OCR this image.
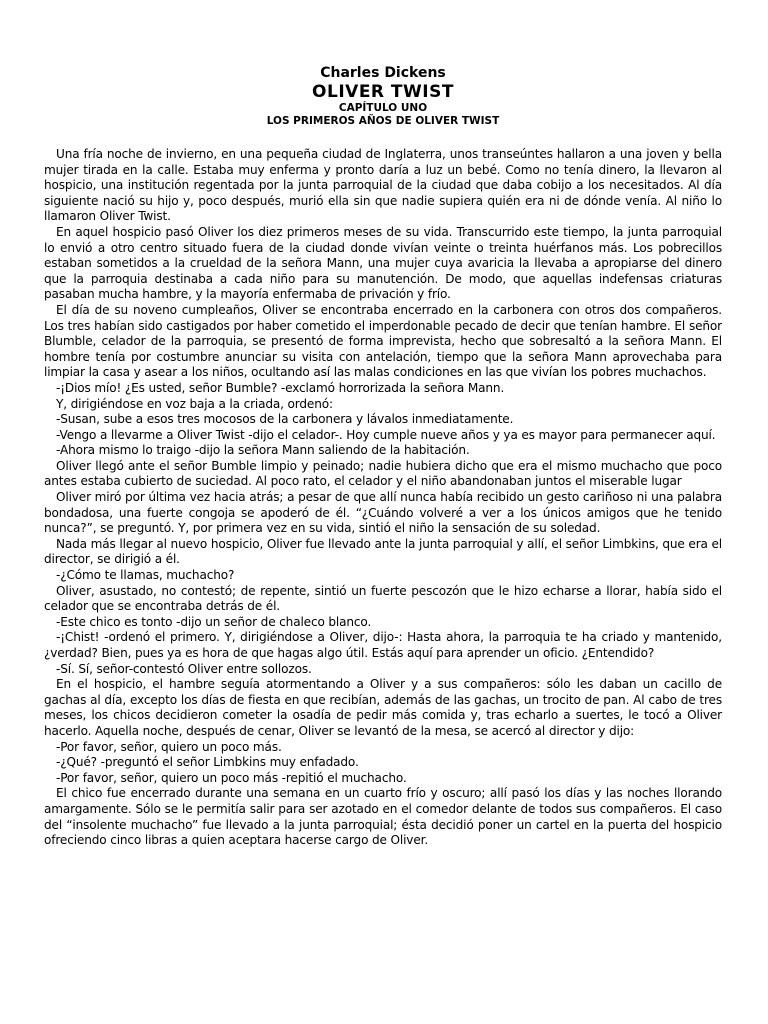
Charles Dickens
OLIVER TWIST
CAPÍTULO UNO
LOS PRIMEROS AÑOS DE OLIVER TWIST

Una fría noche de invierno, en una pequeña ciudad de Inglaterra, unos transeúntes hallaron a una joven y bella mujer tirada en la calle. Estaba muy enferma y pronto daría a luz un bebé. Como no tenía dinero, la llevaron al hospicio, una institución regentada por la junta parroquial de la ciudad que daba cobijo a los necesitados. Al día siguiente nació su hijo y, poco después, murió ella sin que nadie supiera quién era ni de dónde venía. Al niño lo llamaron Oliver Twist.

En aquel hospicio pasó Oliver los diez primeros meses de su vida. Transcurrido este tiempo, la junta parroquial lo envió a otro centro situado fuera de la ciudad donde vivían veinte o treinta huérfanos más. Los pobrecillos estaban sometidos a la crueldad de la señora Mann, una mujer cuya avaricia la llevaba a apropiarse del dinero que la parroquia destinaba a cada niño para su manutención. De modo, que aquellas indefensas criaturas pasaban mucha hambre, y la mayoría enfermaba de privación y frío.

El día de su noveno cumpleaños, Oliver se encontraba encerrado en la carbonera con otros dos compañeros. Los tres habían sido castigados por haber cometido el imperdonable pecado de decir que tenían hambre. El señor Blumble, celador de la parroquia, se presentó de forma imprevista, hecho que sobresaltó a la señora Mann. El hombre tenía por costumbre anunciar su visita con antelación, tiempo que la señora Mann aprovechaba para limpiar la casa y asear a los niños, ocultando así las malas condiciones en las que vivían los pobres muchachos.

-¡Dios mío! ¿Es usted, señor Bumble? -exclamó horrorizada la señora Mann.

Y, dirigiéndose en voz baja a la criada, ordenó:

-Susan, sube a esos tres mocosos de la carbonera y lávalos inmediatamente.

-Vengo a llevarme a Oliver Twist -dijo el celador-. Hoy cumple nueve años y ya es mayor para permanecer aquí.

-Ahora mismo lo traigo -dijo la señora Mann saliendo de la habitación.

Oliver llegó ante el señor Bumble limpio y peinado; nadie hubiera dicho que era el mismo muchacho que poco antes estaba cubierto de suciedad. Al poco rato, el celador y el niño abandonaban juntos el miserable lugar

Oliver miró por última vez hacia atrás; a pesar de que allí nunca había recibido un gesto cariñoso ni una palabra bondadosa, una fuerte congoja se apoderó de él. “¿Cuándo volveré a ver a los únicos amigos que he tenido nunca?”, se preguntó. Y, por primera vez en su vida, sintió el niño la sensación de su soledad.

Nada más llegar al nuevo hospicio, Oliver fue llevado ante la junta parroquial y allí, el señor Limbkins, que era el director, se dirigió a él.

-¿Cómo te llamas, muchacho?

Oliver, asustado, no contestó; de repente, sintió un fuerte pescozón que le hizo echarse a llorar, había sido el celador que se encontraba detrás de él.

-Este chico es tonto -dijo un señor de chaleco blanco.

-¡Chist! -ordenó el primero. Y, dirigiéndose a Oliver, dijo-: Hasta ahora, la parroquia te ha criado y mantenido, ¿verdad? Bien, pues ya es hora de que hagas algo útil. Estás aquí para aprender un oficio. ¿Entendido?

-Sí. Sí, señor-contestó Oliver entre sollozos.

En el hospicio, el hambre seguía atormentando a Oliver y a sus compañeros: sólo les daban un cacillo de gachas al día, excepto los días de fiesta en que recibían, además de las gachas, un trocito de pan. Al cabo de tres meses, los chicos decidieron cometer la osadía de pedir más comida y, tras echarlo a suertes, le tocó a Oliver hacerlo. Aquella noche, después de cenar, Oliver se levantó de la mesa, se acercó al director y dijo:

-Por favor, señor, quiero un poco más.

-¿Qué? -preguntó el señor Limbkins muy enfadado.

-Por favor, señor, quiero un poco más -repitió el muchacho.

El chico fue encerrado durante una semana en un cuarto frío y oscuro; allí pasó los días y las noches llorando amargamente. Sólo se le permitía salir para ser azotado en el comedor delante de todos sus compañeros. El caso del “insolente muchacho” fue llevado a la junta parroquial; ésta decidió poner un cartel en la puerta del hospicio ofreciendo cinco libras a quien aceptara hacerse cargo de Oliver.
